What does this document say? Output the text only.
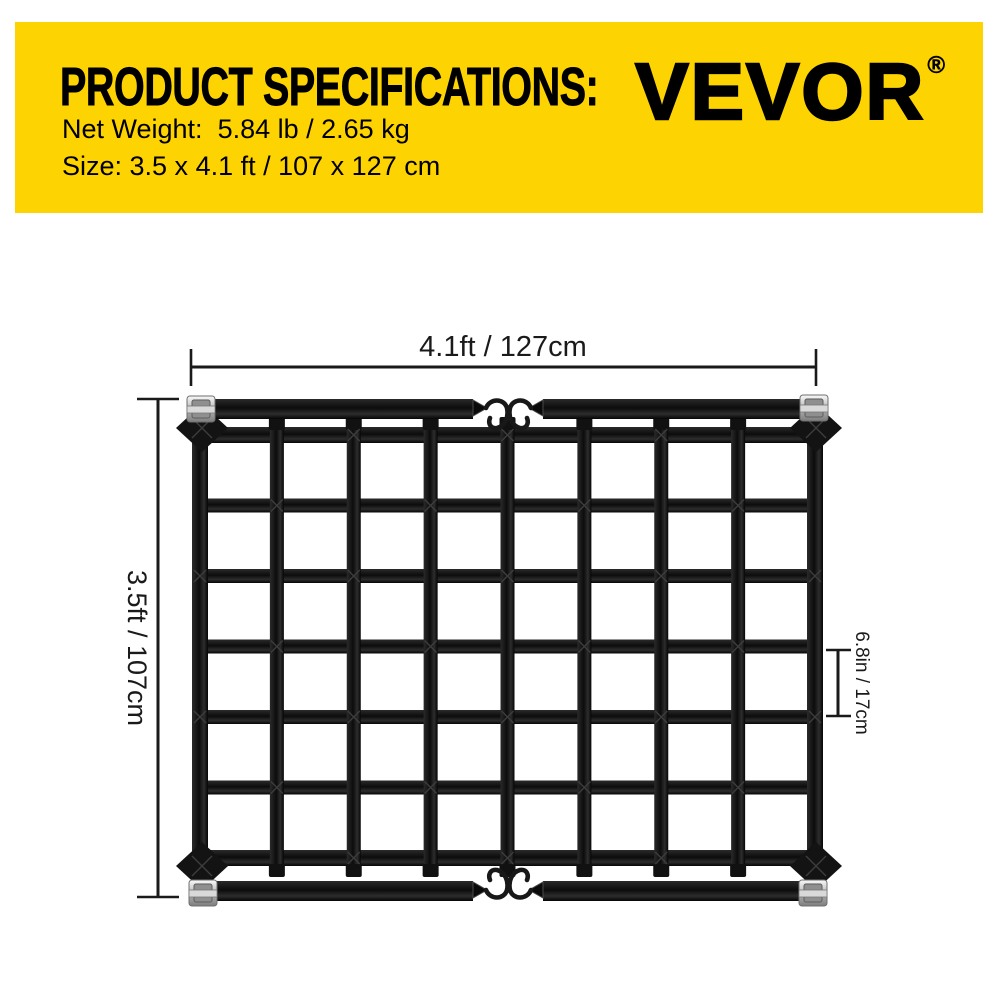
PRODUCT SPECIFICATIONS:
Net Weight:  5.84 lb / 2.65 kg
Size: 3.5 x 4.1 ft / 107 x 127 cm
VEVOR®
4.1ft / 127cm
3.5ft / 107cm	6.8in / 17cm
